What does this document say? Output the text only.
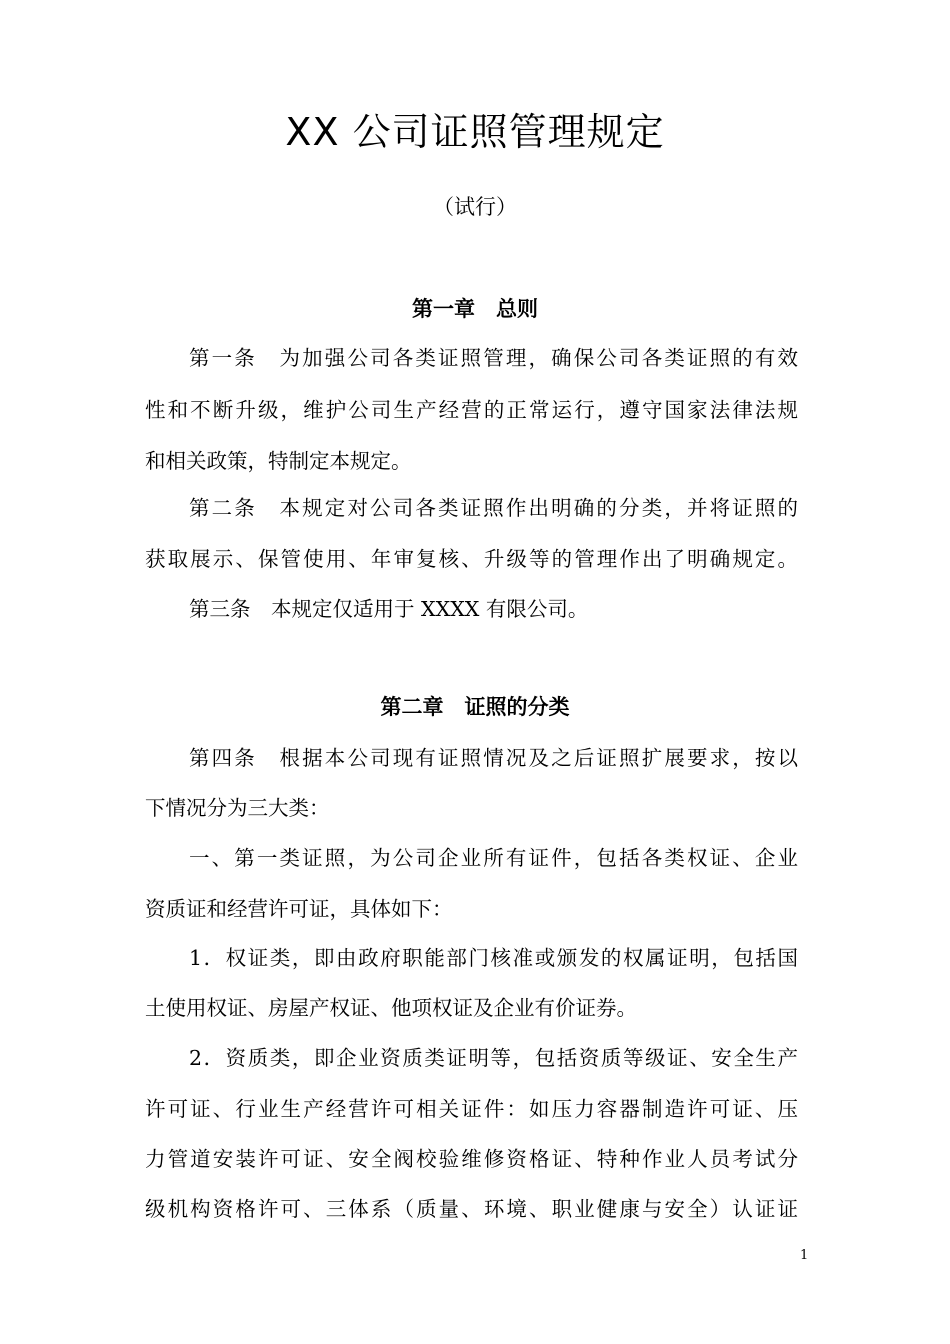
XX 公司证照管理规定
（试行）
第一章　总则
第一条　为加强公司各类证照管理，确保公司各类证照的有效
性和不断升级，维护公司生产经营的正常运行，遵守国家法律法规
和相关政策，特制定本规定。
第二条　本规定对公司各类证照作出明确的分类，并将证照的
获取展示、保管使用、年审复核、升级等的管理作出了明确规定。
第三条　本规定仅适用于 XXXX 有限公司。
第二章　证照的分类
第四条　根据本公司现有证照情况及之后证照扩展要求，按以
下情况分为三大类：
一、第一类证照，为公司企业所有证件，包括各类权证、企业
资质证和经营许可证，具体如下：
1．权证类，即由政府职能部门核准或颁发的权属证明，包括国
土使用权证、房屋产权证、他项权证及企业有价证券。
2．资质类，即企业资质类证明等，包括资质等级证、安全生产
许可证、行业生产经营许可相关证件：如压力容器制造许可证、压
力管道安装许可证、安全阀校验维修资格证、特种作业人员考试分
级机构资格许可、三体系（质量、环境、职业健康与安全）认证证
1
